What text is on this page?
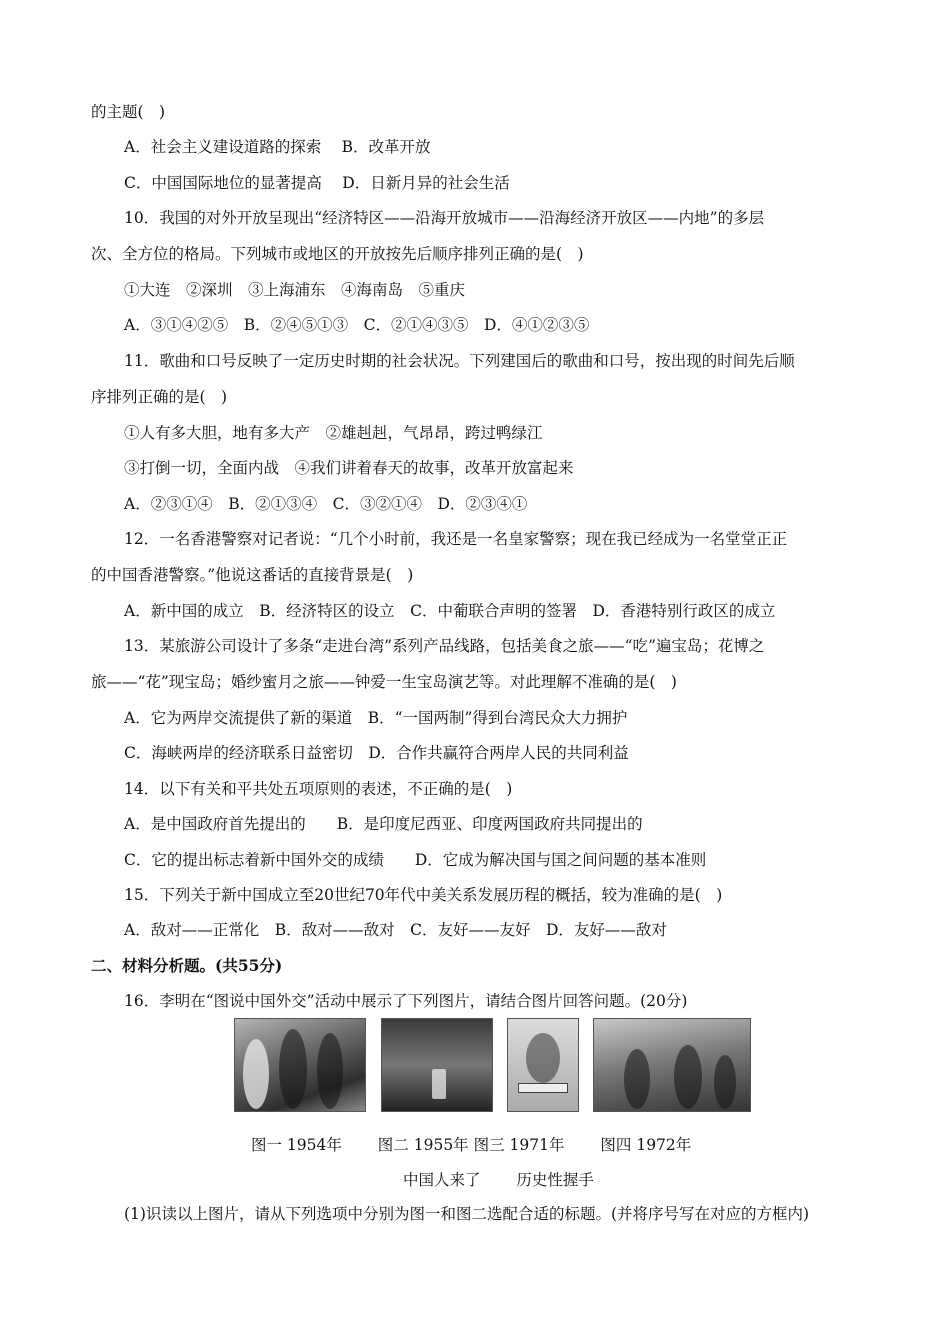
的主题(　)
A．社会主义建设道路的探索　 B．改革开放
C．中国国际地位的显著提高　 D．日新月异的社会生活
10．我国的对外开放呈现出“经济特区——沿海开放城市——沿海经济开放区——内地”的多层
次、全方位的格局。下列城市或地区的开放按先后顺序排列正确的是(　)
①大连　②深圳　③上海浦东　④海南岛　⑤重庆
A．③①④②⑤　B．②④⑤①③　C．②①④③⑤　D．④①②③⑤
11．歌曲和口号反映了一定历史时期的社会状况。下列建国后的歌曲和口号，按出现的时间先后顺
序排列正确的是(　)
①人有多大胆，地有多大产　②雄赳赳，气昂昂，跨过鸭绿江
③打倒一切，全面内战　④我们讲着春天的故事，改革开放富起来
A．②③①④　B．②①③④　C．③②①④　D．②③④①
12．一名香港警察对记者说：“几个小时前，我还是一名皇家警察；现在我已经成为一名堂堂正正
的中国香港警察。”他说这番话的直接背景是(　)
A．新中国的成立　B．经济特区的设立　C．中葡联合声明的签署　D．香港特别行政区的成立
13．某旅游公司设计了多条“走进台湾”系列产品线路，包括美食之旅——“吃”遍宝岛；花博之
旅——“花”现宝岛；婚纱蜜月之旅——钟爱一生宝岛演艺等。对此理解不准确的是(　)
A．它为两岸交流提供了新的渠道　B．“一国两制”得到台湾民众大力拥护
C．海峡两岸的经济联系日益密切　D．合作共赢符合两岸人民的共同利益
14．以下有关和平共处五项原则的表述，不正确的是(　)
A．是中国政府首先提出的　　B．是印度尼西亚、印度两国政府共同提出的
C．它的提出标志着新中国外交的成绩　　D．它成为解决国与国之间问题的基本准则
15．下列关于新中国成立至20世纪70年代中美关系发展历程的概括，较为准确的是(　)
A．敌对——正常化　B．敌对——敌对　C．友好——友好　D．友好——敌对
二、材料分析题。(共55分)
16．李明在“图说中国外交”活动中展示了下列图片，请结合图片回答问题。(20分)
图一 1954年　　 图二 1955年 图三 1971年　　 图四 1972年
中国人来了　　 历史性握手
(1)识读以上图片，请从下列选项中分别为图一和图二选配合适的标题。(并将序号写在对应的方框内)
